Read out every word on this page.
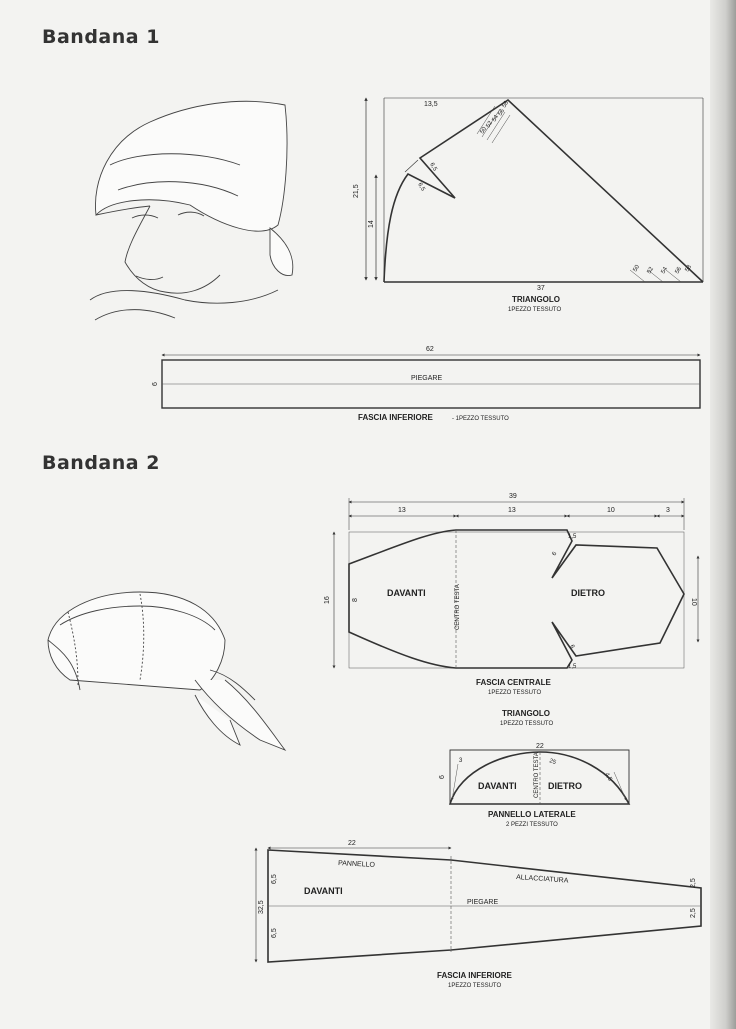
Bandana 1
Bandana 2
13,5
21,5
14
37
6,5
6,5
50
52
54
56
58
50 52 54 56 58
TRIANGOLO
1PEZZO TESSUTO
62
6
PIEGARE
FASCIA INFERIORE	- 1PEZZO TESSUTO
39
13	13	10	3
16	8	10
6
1,5
6
1,5
DAVANTI	DIETRO
CENTRO TESTA
FASCIA CENTRALE
1PEZZO TESSUTO
TRIANGOLO
1PEZZO TESSUTO
22
6
3	25
4,5
DAVANTI	DIETRO
CENTRO TESTA
PANNELLO LATERALE
2 PEZZI TESSUTO
22
32,5
6,5
6,5
2,5
2,5
PANNELLO
ALLACCIATURA
PIEGARE
DAVANTI
FASCIA INFERIORE
1PEZZO TESSUTO
